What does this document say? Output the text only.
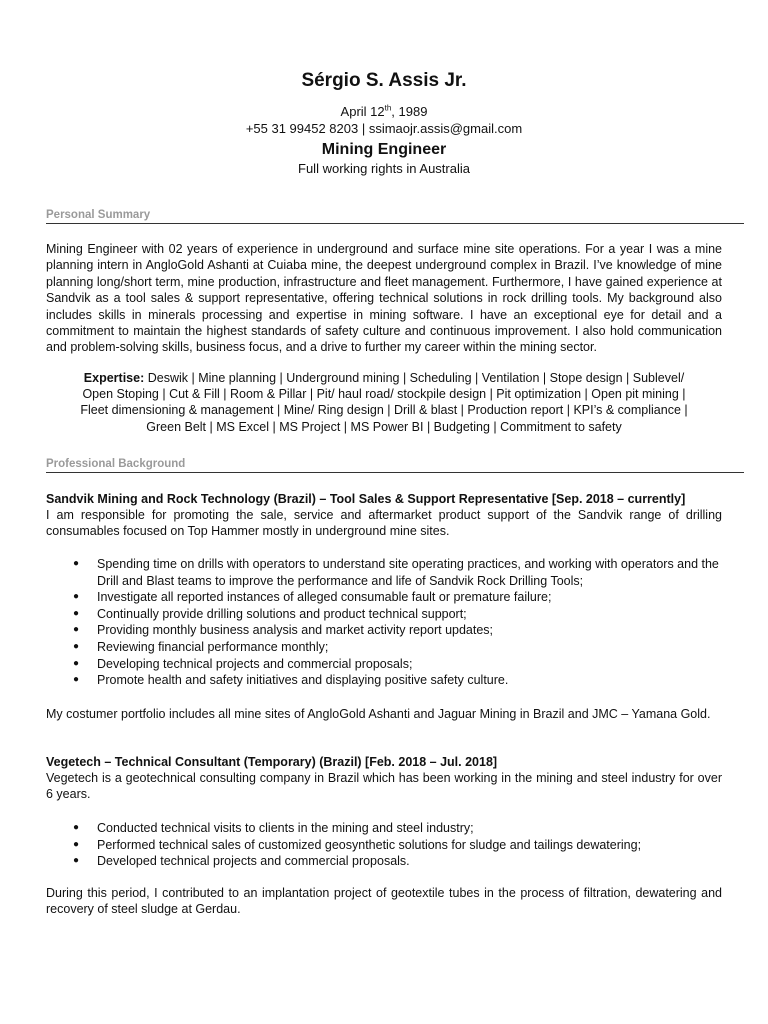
Sérgio S. Assis Jr.
April 12th, 1989
+55 31 99452 8203 | ssimaojr.assis@gmail.com
Mining Engineer
Full working rights in Australia
Personal Summary

Mining Engineer with 02 years of experience in underground and surface mine site operations. For a year I was a mine planning intern in AngloGold Ashanti at Cuiaba mine, the deepest underground complex in Brazil. I’ve knowledge of mine planning long/short term, mine production, infrastructure and fleet management. Furthermore, I have gained experience at Sandvik as a tool sales & support representative, offering technical solutions in rock drilling tools. My background also includes skills in minerals processing and expertise in mining software. I have an exceptional eye for detail and a commitment to maintain the highest standards of safety culture and continuous improvement. I also hold communication and problem-solving skills, business focus, and a drive to further my career within the mining sector.

Expertise: Deswik | Mine planning | Underground mining | Scheduling | Ventilation | Stope design | Sublevel/ Open Stoping | Cut & Fill | Room & Pillar | Pit/ haul road/ stockpile design | Pit optimization | Open pit mining | Fleet dimensioning & management | Mine/ Ring design | Drill & blast | Production report | KPI’s & compliance | Green Belt | MS Excel | MS Project | MS Power BI | Budgeting | Commitment to safety

Professional Background

Sandvik Mining and Rock Technology (Brazil) – Tool Sales & Support Representative [Sep. 2018 – currently]

I am responsible for promoting the sale, service and aftermarket product support of the Sandvik range of drilling consumables focused on Top Hammer mostly in underground mine sites.

● Spending time on drills with operators to understand site operating practices, and working with operators and the Drill and Blast teams to improve the performance and life of Sandvik Rock Drilling Tools;
● Investigate all reported instances of alleged consumable fault or premature failure;
● Continually provide drilling solutions and product technical support;
● Providing monthly business analysis and market activity report updates;
● Reviewing financial performance monthly;
● Developing technical projects and commercial proposals;
● Promote health and safety initiatives and displaying positive safety culture.

My costumer portfolio includes all mine sites of AngloGold Ashanti and Jaguar Mining in Brazil and JMC – Yamana Gold.

Vegetech – Technical Consultant (Temporary) (Brazil) [Feb. 2018 – Jul. 2018]

Vegetech is a geotechnical consulting company in Brazil which has been working in the mining and steel industry for over 6 years.

● Conducted technical visits to clients in the mining and steel industry;
● Performed technical sales of customized geosynthetic solutions for sludge and tailings dewatering;
● Developed technical projects and commercial proposals.

During this period, I contributed to an implantation project of geotextile tubes in the process of filtration, dewatering and recovery of steel sludge at Gerdau.
